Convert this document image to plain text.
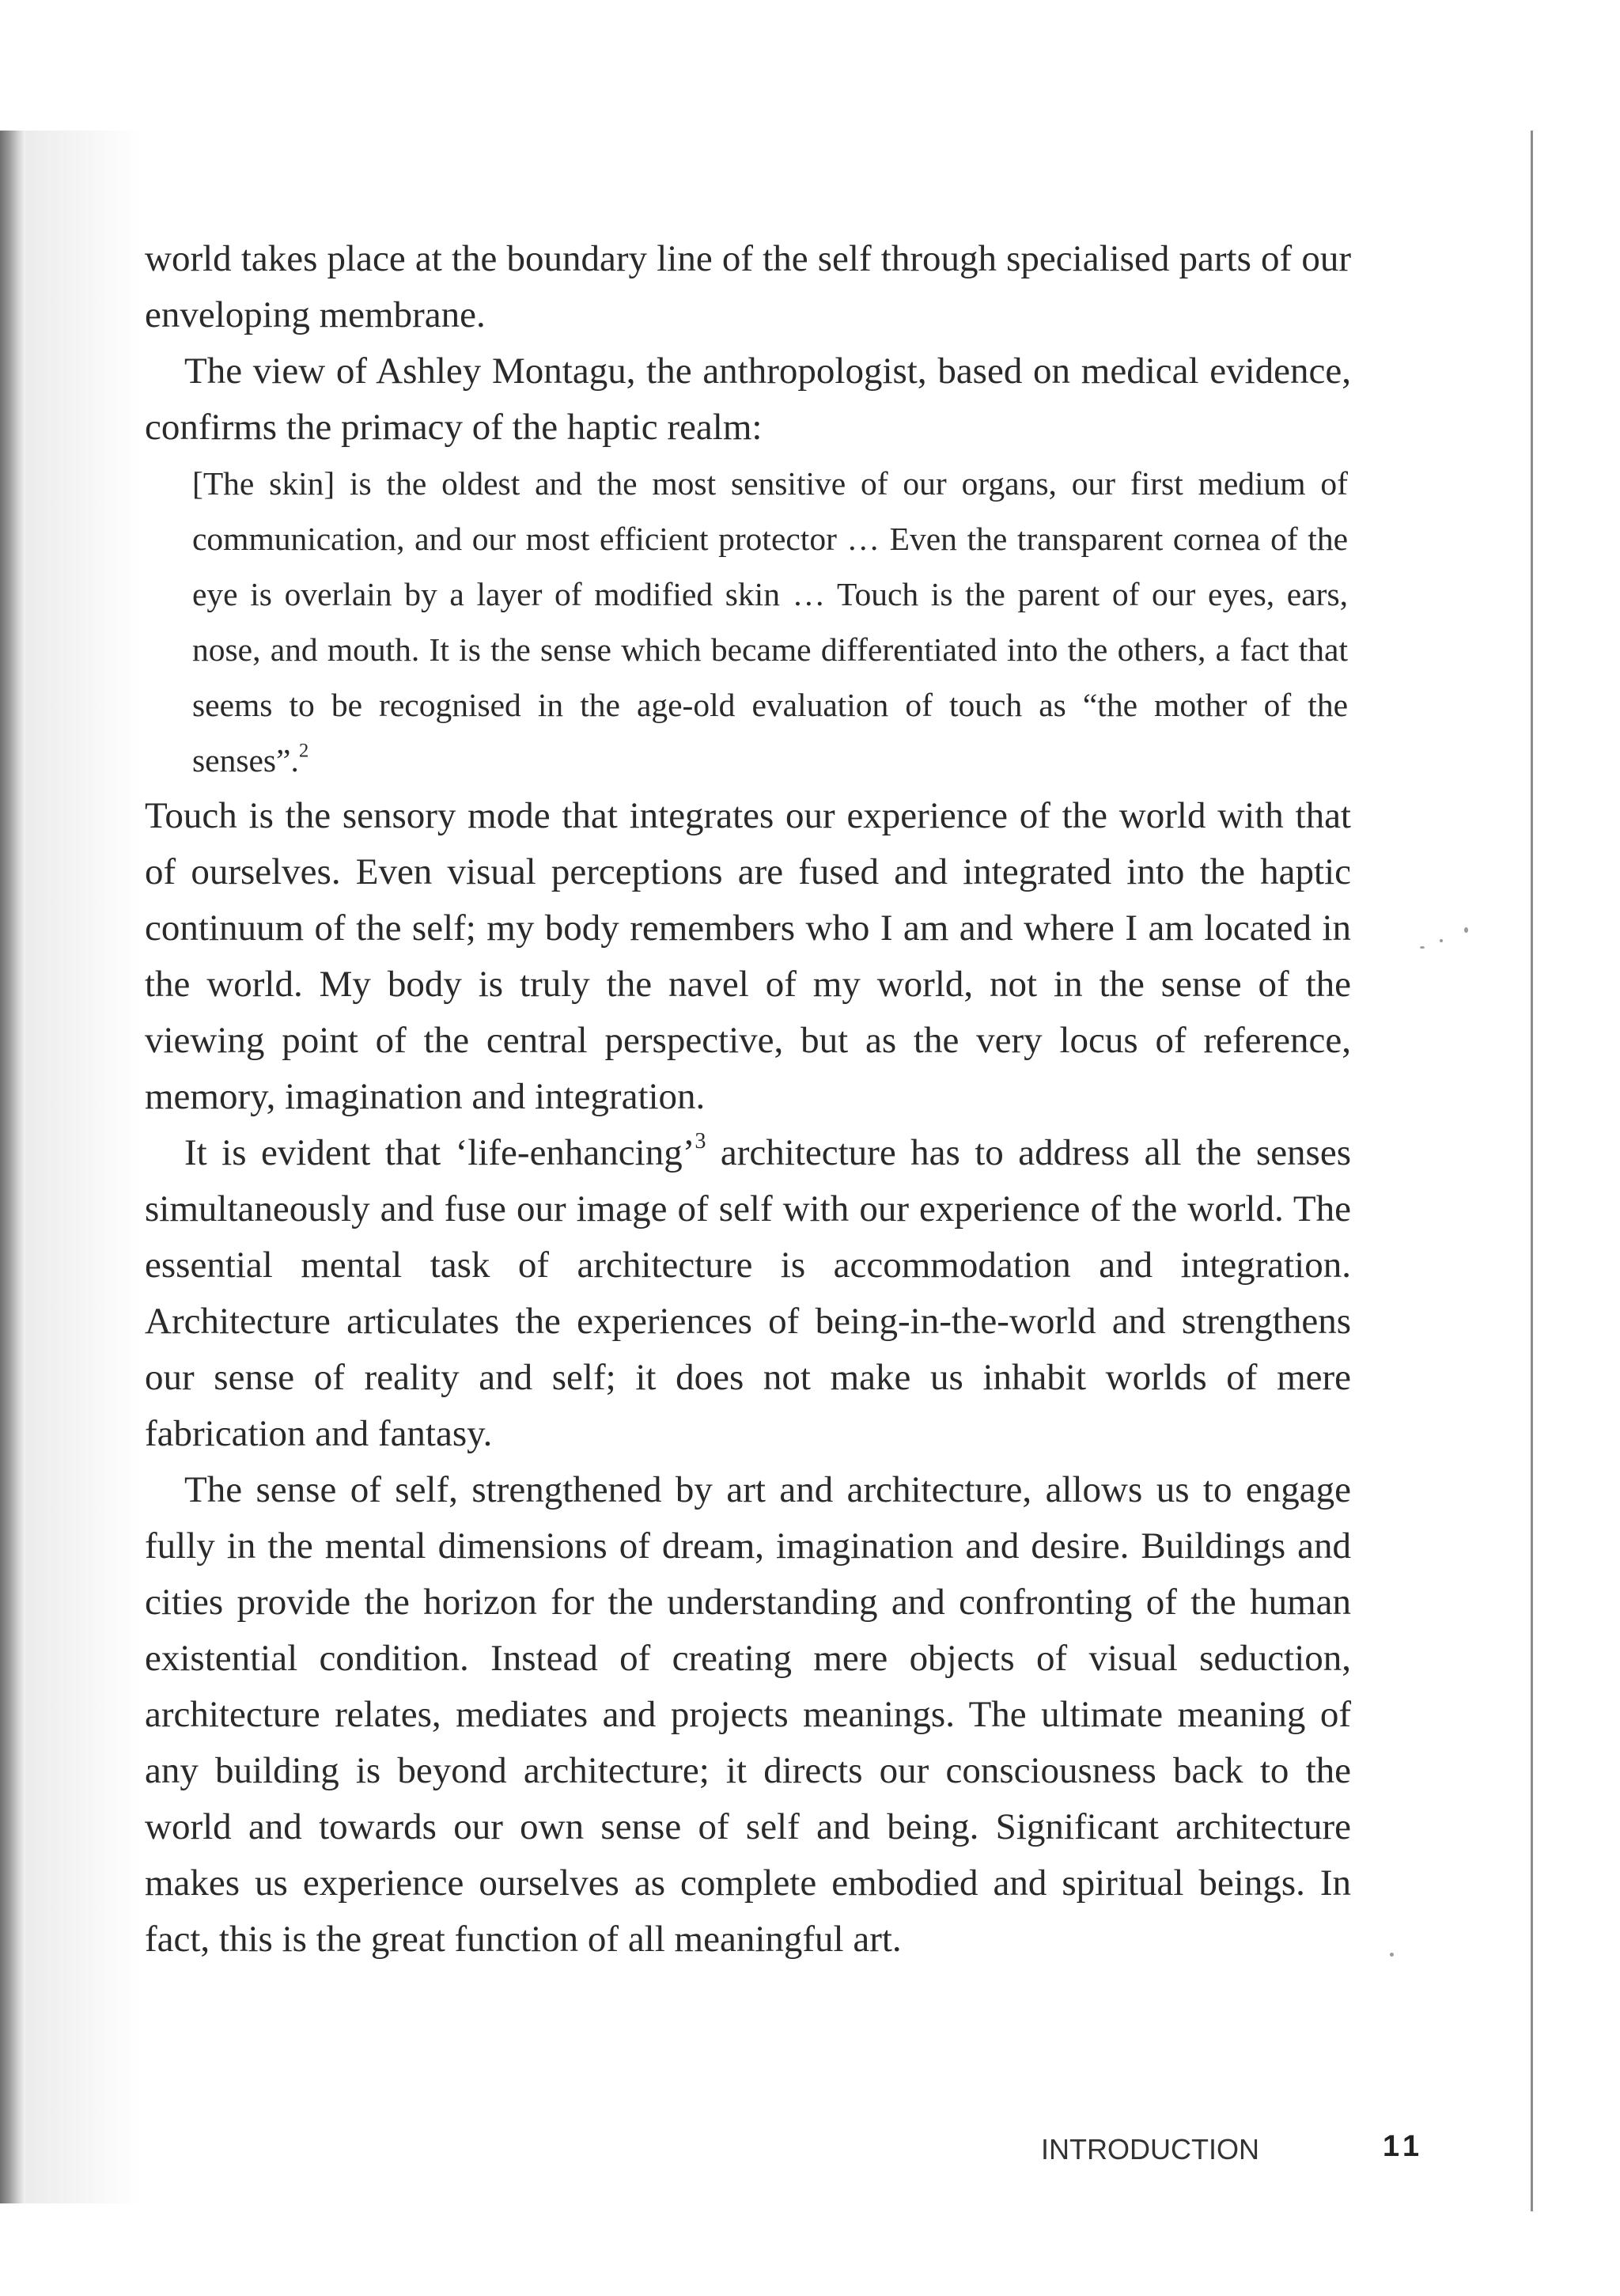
world takes place at the boundary line of the self through specialised parts of our enveloping membrane.

The view of Ashley Montagu, the anthropologist, based on medical evidence, confirms the primacy of the haptic realm:

[The skin] is the oldest and the most sensitive of our organs, our first medium of communication, and our most efficient protector … Even the transparent cornea of the eye is overlain by a layer of modified skin … Touch is the parent of our eyes, ears, nose, and mouth. It is the sense which became differentiated into the others, a fact that seems to be recognised in the age-old evaluation of touch as “the mother of the senses”.$^2$

Touch is the sensory mode that integrates our experience of the world with that of ourselves. Even visual perceptions are fused and integrated into the haptic continuum of the self; my body remembers who I am and where I am located in the world. My body is truly the navel of my world, not in the sense of the viewing point of the central perspective, but as the very locus of reference, memory, imagination and integration.

It is evident that ‘life-enhancing’$^3$ architecture has to address all the senses simultaneously and fuse our image of self with our experience of the world. The essential mental task of architecture is accommodation and integration. Architecture articulates the experiences of being-in-the-world and strengthens our sense of reality and self; it does not make us inhabit worlds of mere fabrication and fantasy.

The sense of self, strengthened by art and architecture, allows us to engage fully in the mental dimensions of dream, imagination and desire. Buildings and cities provide the horizon for the understanding and confronting of the human existential condition. Instead of creating mere objects of visual seduction, architecture relates, mediates and projects meanings. The ultimate meaning of any building is beyond architecture; it directs our consciousness back to the world and towards our own sense of self and being. Significant architecture makes us experience ourselves as complete embodied and spiritual beings. In fact, this is the great function of all meaningful art.

INTRODUCTION	11
